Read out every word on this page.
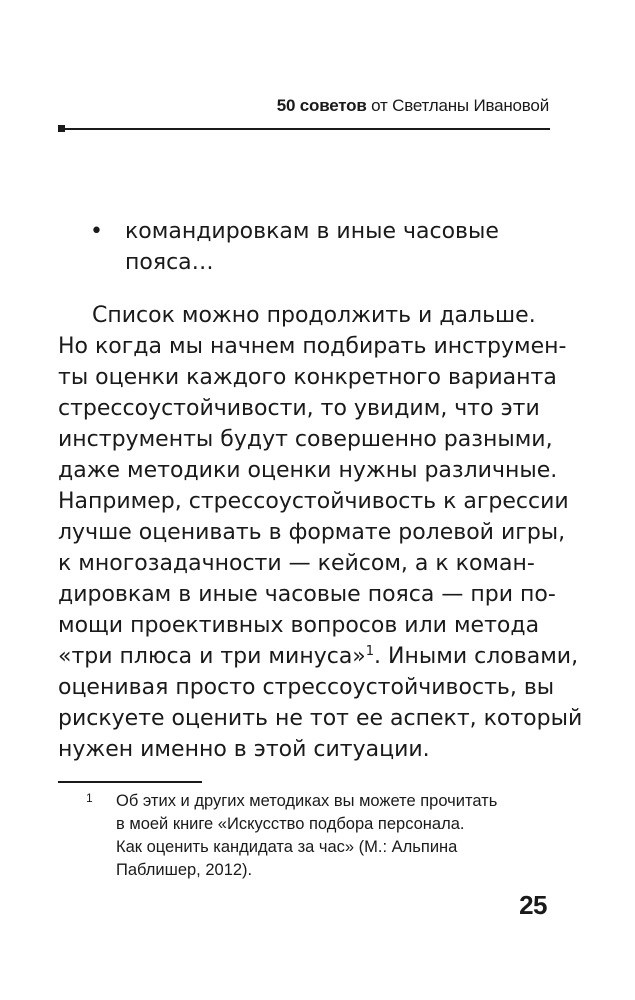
50 советов от Светланы Ивановой
• командировкам в иные часовые
пояса…
Список можно продолжить и дальше.
Но когда мы начнем подбирать инструмен-
ты оценки каждого конкретного варианта
стрессоустойчивости, то увидим, что эти
инструменты будут совершенно разными,
даже методики оценки нужны различные.
Например, стрессоустойчивость к агрессии
лучше оценивать в формате ролевой игры,
к многозадачности — кейсом, а к коман-
дировкам в иные часовые пояса — при по-
мощи проективных вопросов или метода
«три плюса и три минуса»$^1$. Иными словами,
оценивая просто стрессоустойчивость, вы
рискуете оценить не тот ее аспект, который
нужен именно в этой ситуации.
1 Об этих и других методиках вы можете прочитать
в моей книге «Искусство подбора персонала.
Как оценить кандидата за час» (М.: Альпина
Паблишер, 2012).
25
